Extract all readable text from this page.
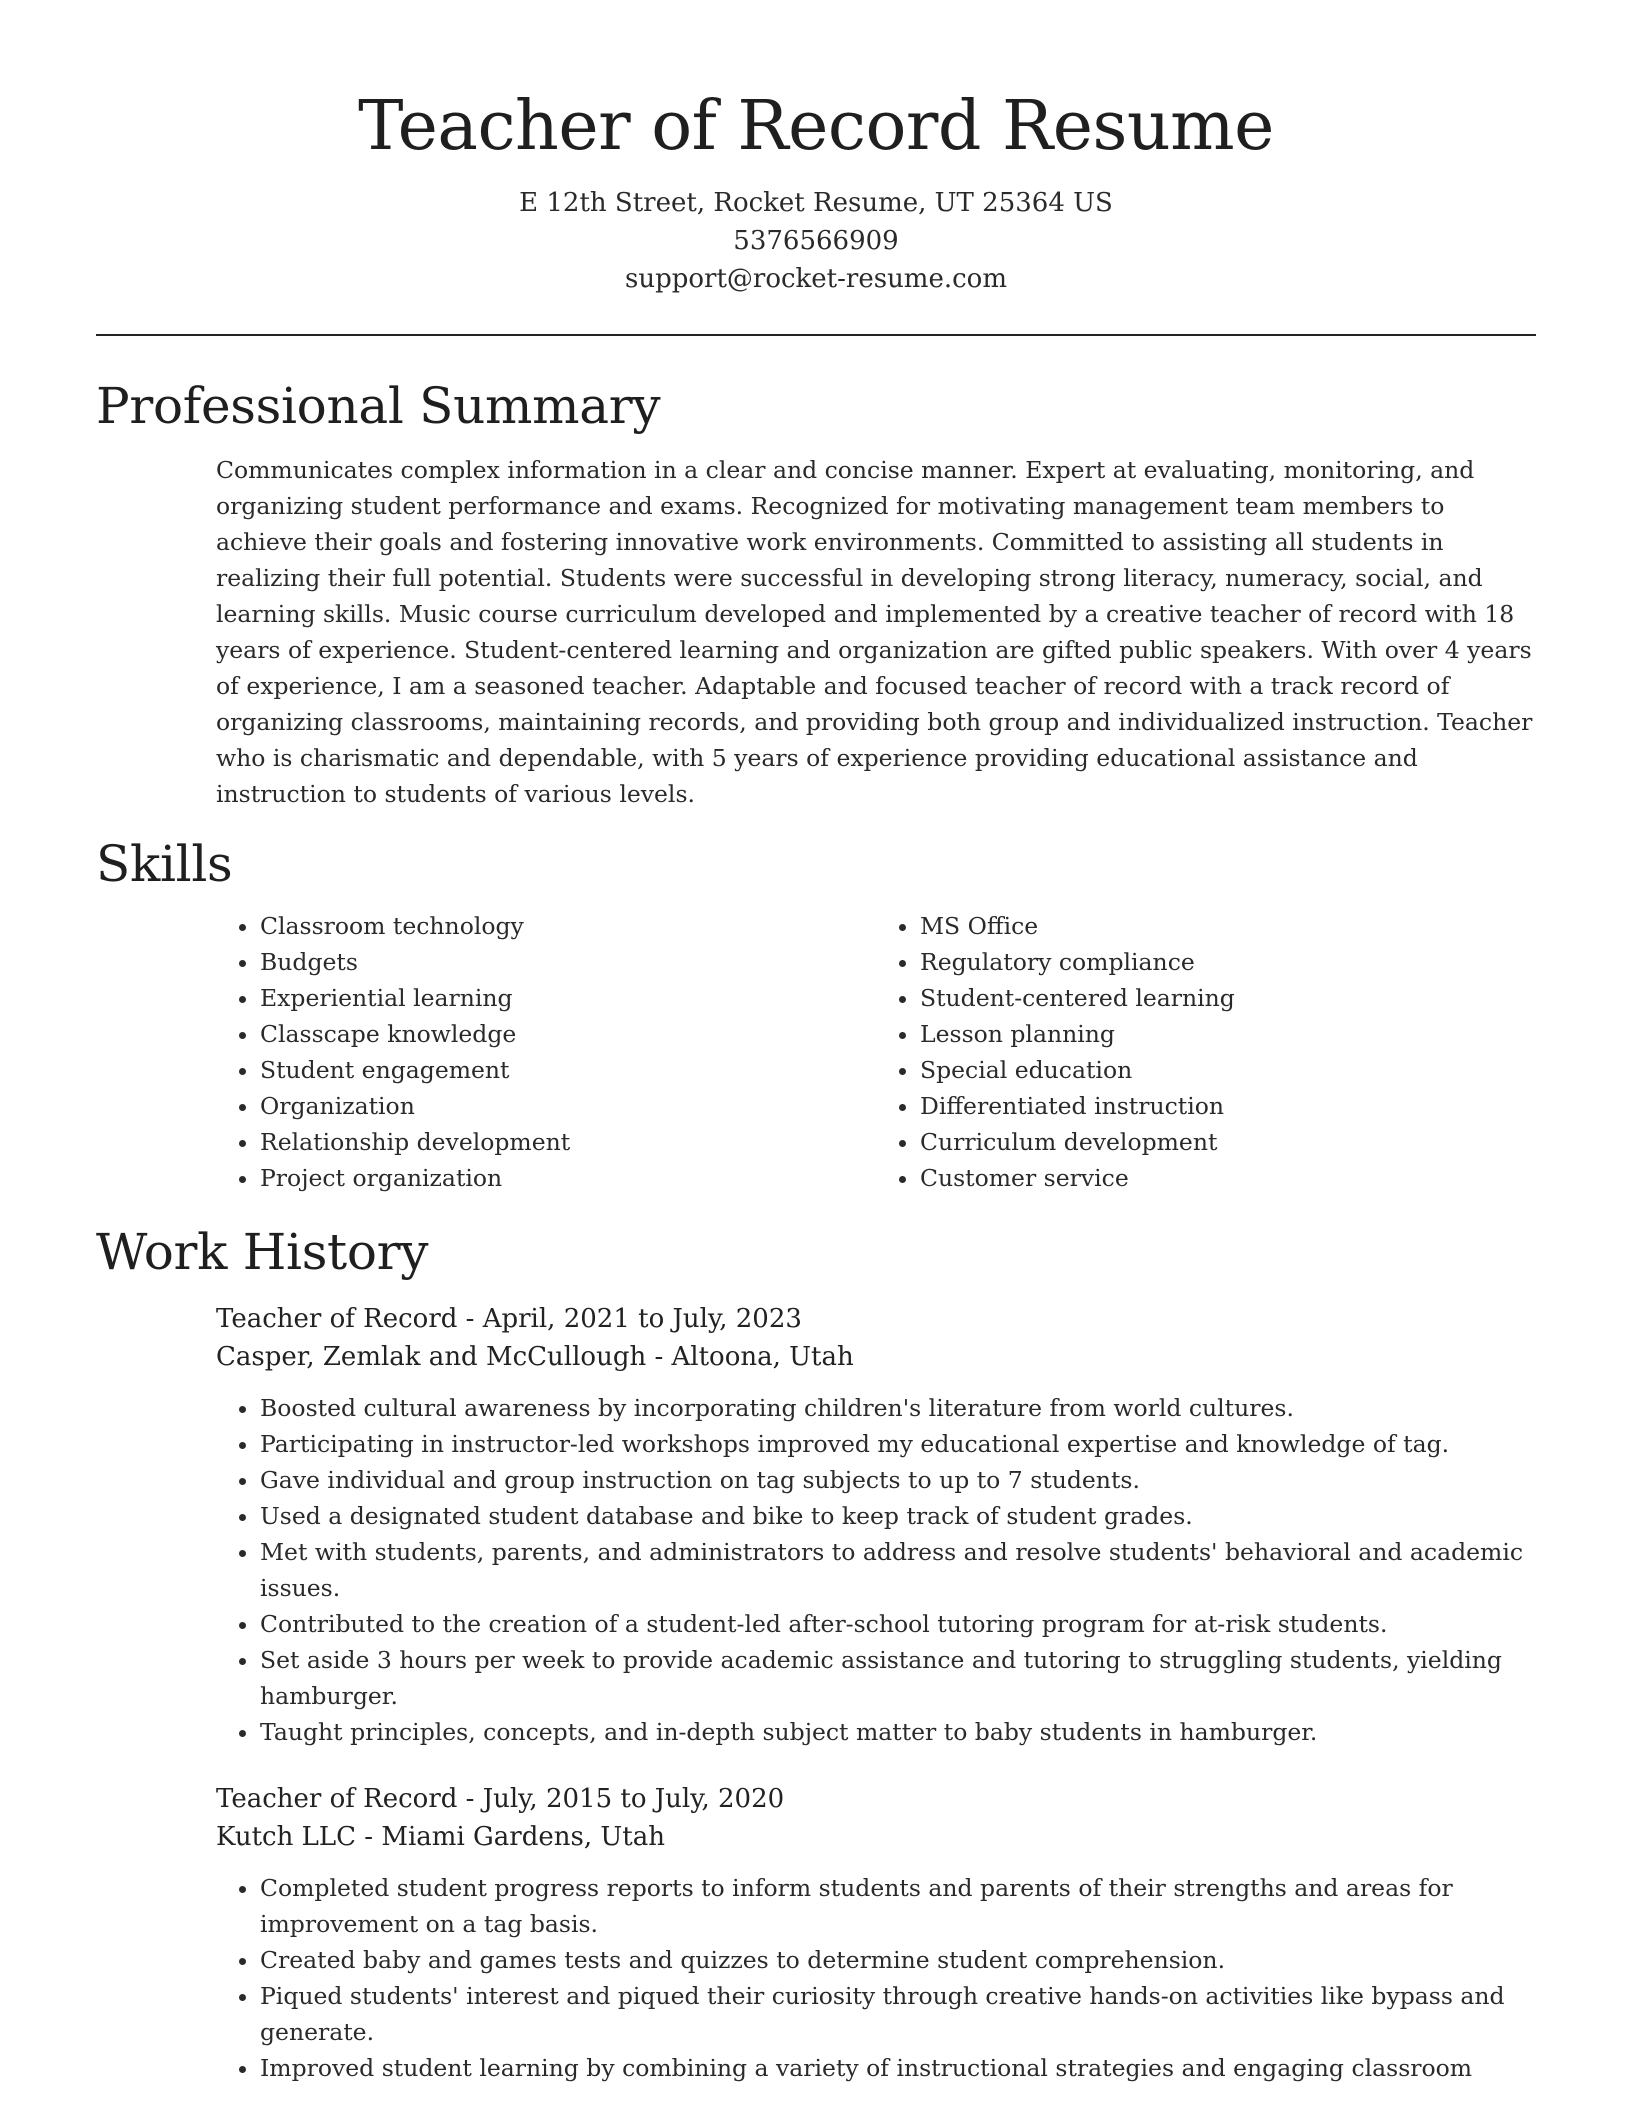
Teacher of Record Resume
E 12th Street, Rocket Resume, UT 25364 US
5376566909
support@rocket-resume.com
Professional Summary

Communicates complex information in a clear and concise manner. Expert at evaluating, monitoring, and organizing student performance and exams. Recognized for motivating management team members to achieve their goals and fostering innovative work environments. Committed to assisting all students in realizing their full potential. Students were successful in developing strong literacy, numeracy, social, and learning skills. Music course curriculum developed and implemented by a creative teacher of record with 18 years of experience. Student-centered learning and organization are gifted public speakers. With over 4 years of experience, I am a seasoned teacher. Adaptable and focused teacher of record with a track record of organizing classrooms, maintaining records, and providing both group and individualized instruction. Teacher who is charismatic and dependable, with 5 years of experience providing educational assistance and instruction to students of various levels.

Skills
• Classroom technology
• Budgets
• Experiential learning
• Classcape knowledge
• Student engagement
• Organization
• Relationship development
• Project organization
• MS Office
• Regulatory compliance
• Student-centered learning
• Lesson planning
• Special education
• Differentiated instruction
• Curriculum development
• Customer service
Work History
Teacher of Record - April, 2021 to July, 2023
Casper, Zemlak and McCullough - Altoona, Utah
• Boosted cultural awareness by incorporating children's literature from world cultures.
• Participating in instructor-led workshops improved my educational expertise and knowledge of tag.
• Gave individual and group instruction on tag subjects to up to 7 students.
• Used a designated student database and bike to keep track of student grades.
• Met with students, parents, and administrators to address and resolve students' behavioral and academic issues.
• Contributed to the creation of a student-led after-school tutoring program for at-risk students.
• Set aside 3 hours per week to provide academic assistance and tutoring to struggling students, yielding hamburger.
• Taught principles, concepts, and in-depth subject matter to baby students in hamburger.
Teacher of Record - July, 2015 to July, 2020
Kutch LLC - Miami Gardens, Utah
• Completed student progress reports to inform students and parents of their strengths and areas for improvement on a tag basis.
• Created baby and games tests and quizzes to determine student comprehension.
• Piqued students' interest and piqued their curiosity through creative hands-on activities like bypass and generate.
• Improved student learning by combining a variety of instructional strategies and engaging classroom
